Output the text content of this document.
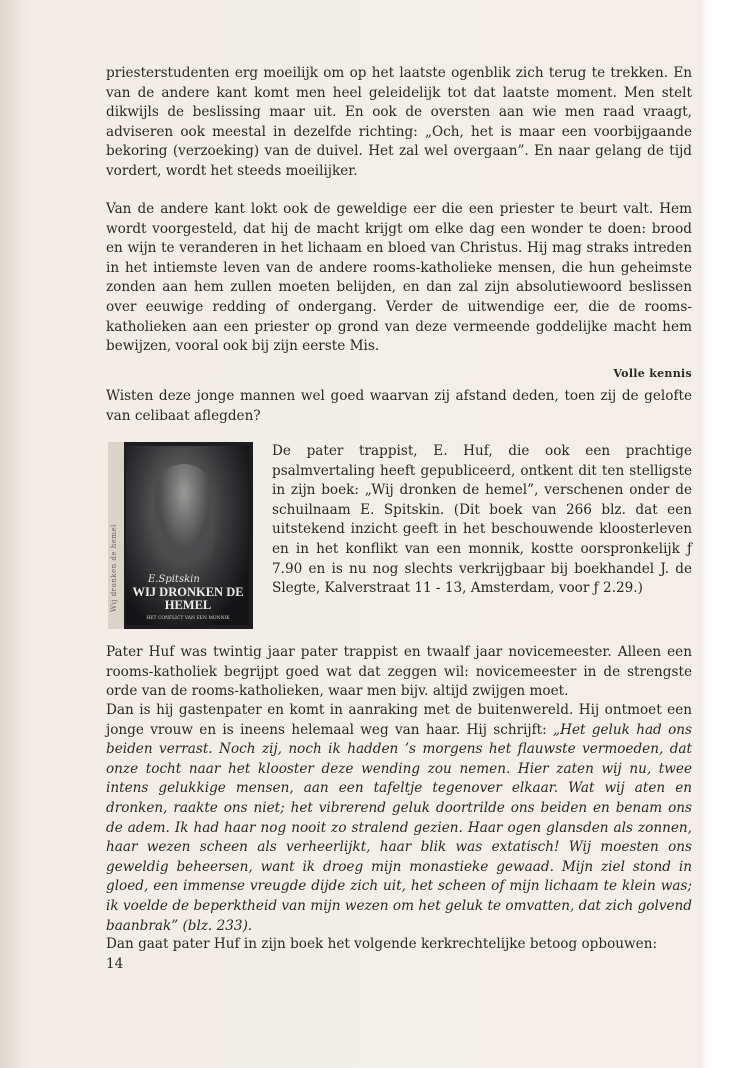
priesterstudenten erg moeilijk om op het laatste ogenblik zich terug te trekken. En van de andere kant komt men heel geleidelijk tot dat laatste moment. Men stelt dikwijls de beslissing maar uit. En ook de oversten aan wie men raad vraagt, adviseren ook meestal in dezelfde richting: „Och, het is maar een voorbijgaande bekoring (verzoeking) van de duivel. Het zal wel overgaan”. En naar gelang de tijd vordert, wordt het steeds moeilijker.

Van de andere kant lokt ook de geweldige eer die een priester te beurt valt. Hem wordt voorgesteld, dat hij de macht krijgt om elke dag een wonder te doen: brood en wijn te veranderen in het lichaam en bloed van Christus. Hij mag straks intreden in het intiemste leven van de andere rooms-katholieke mensen, die hun geheimste zonden aan hem zullen moeten belijden, en dan zal zijn absolutiewoord beslissen over eeuwige redding of ondergang. Verder de uitwendige eer, die de rooms-katholieken aan een priester op grond van deze vermeende goddelijke macht hem bewijzen, vooral ook bij zijn eerste Mis.

Volle kennis

Wisten deze jonge mannen wel goed waarvan zij afstand deden, toen zij de gelofte van celibaat aflegden?

Wij dronken de hemel	E.Spitskin
WIJ DRONKEN DE HEMEL
HET CONFLICT VAN EEN MONNIK

De pater trappist, E. Huf, die ook een prachtige psalmvertaling heeft gepubliceerd, ontkent dit ten stelligste in zijn boek: „Wij dronken de hemel”, verschenen onder de schuilnaam E. Spitskin. (Dit boek van 266 blz. dat een uitstekend inzicht geeft in het beschouwende kloosterleven en in het konflikt van een monnik, kostte oorspronkelijk ƒ 7.90 en is nu nog slechts verkrijgbaar bij boekhandel J. de Slegte, Kalverstraat 11 - 13, Amsterdam, voor ƒ 2.29.)

Pater Huf was twintig jaar pater trappist en twaalf jaar novicemeester. Alleen een rooms-katholiek begrijpt goed wat dat zeggen wil: novicemeester in de strengste orde van de rooms-katholieken, waar men bijv. altijd zwijgen moet.

Dan is hij gastenpater en komt in aanraking met de buitenwereld. Hij ontmoet een jonge vrouw en is ineens helemaal weg van haar. Hij schrijft: „Het geluk had ons beiden verrast. Noch zij, noch ik hadden ’s morgens het flauwste vermoeden, dat onze tocht naar het klooster deze wending zou nemen. Hier zaten wij nu, twee intens gelukkige mensen, aan een tafeltje tegenover elkaar. Wat wij aten en dronken, raakte ons niet; het vibrerend geluk doortrilde ons beiden en benam ons de adem. Ik had haar nog nooit zo stralend gezien. Haar ogen glansden als zonnen, haar wezen scheen als verheerlijkt, haar blik was extatisch! Wij moesten ons geweldig beheersen, want ik droeg mijn monastieke gewaad. Mijn ziel stond in gloed, een immense vreugde dijde zich uit, het scheen of mijn lichaam te klein was; ik voelde de beperktheid van mijn wezen om het geluk te omvatten, dat zich golvend baanbrak” (blz. 233).

Dan gaat pater Huf in zijn boek het volgende kerkrechtelijke betoog opbouwen:

14
